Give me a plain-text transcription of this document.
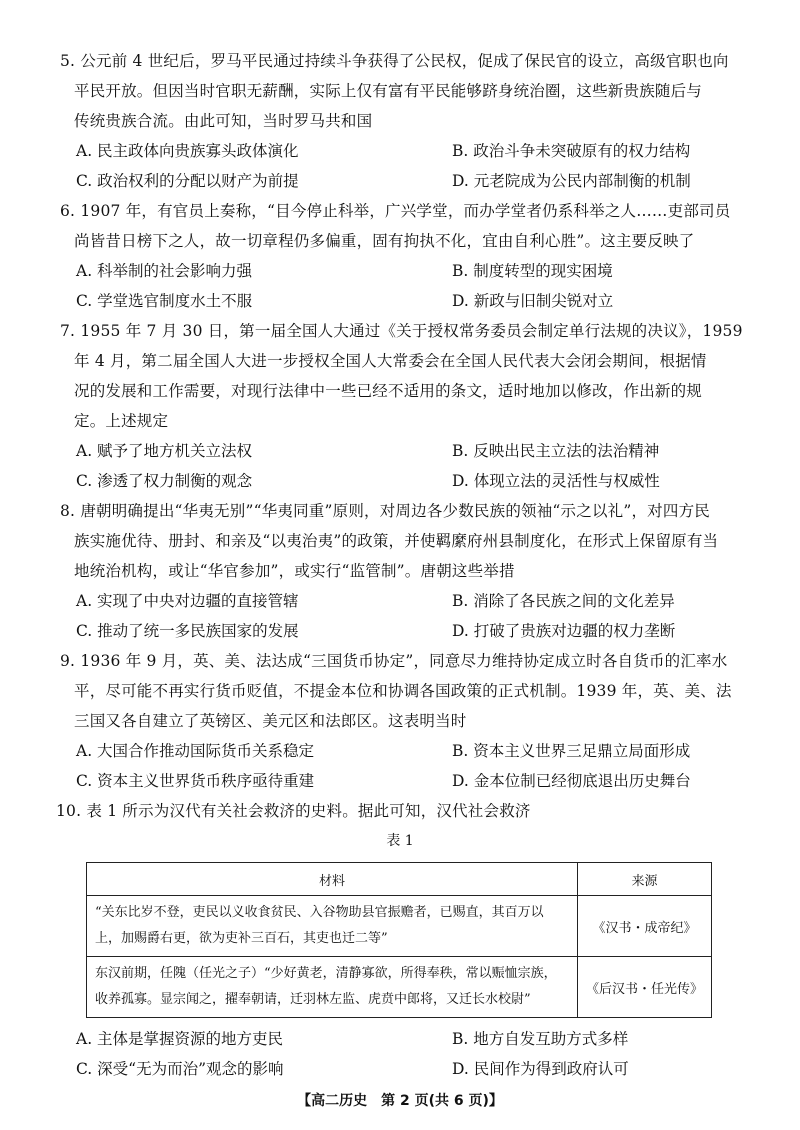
5. 公元前 4 世纪后，罗马平民通过持续斗争获得了公民权，促成了保民官的设立，高级官职也向
平民开放。但因当时官职无薪酬，实际上仅有富有平民能够跻身统治圈，这些新贵族随后与
传统贵族合流。由此可知，当时罗马共和国
A. 民主政体向贵族寡头政体演化	B. 政治斗争未突破原有的权力结构
C. 政治权利的分配以财产为前提	D. 元老院成为公民内部制衡的机制
6. 1907 年，有官员上奏称，“目今停止科举，广兴学堂，而办学堂者仍系科举之人……吏部司员
尚皆昔日榜下之人，故一切章程仍多偏重，固有拘执不化，宜由自利心胜”。这主要反映了
A. 科举制的社会影响力强	B. 制度转型的现实困境
C. 学堂选官制度水土不服	D. 新政与旧制尖锐对立
7. 1955 年 7 月 30 日，第一届全国人大通过《关于授权常务委员会制定单行法规的决议》，1959
年 4 月，第二届全国人大进一步授权全国人大常委会在全国人民代表大会闭会期间，根据情
况的发展和工作需要，对现行法律中一些已经不适用的条文，适时地加以修改，作出新的规
定。上述规定
A. 赋予了地方机关立法权	B. 反映出民主立法的法治精神
C. 渗透了权力制衡的观念	D. 体现立法的灵活性与权威性
8. 唐朝明确提出“华夷无别”“华夷同重”原则，对周边各少数民族的领袖“示之以礼”，对四方民
族实施优待、册封、和亲及“以夷治夷”的政策，并使羁縻府州县制度化，在形式上保留原有当
地统治机构，或让“华官参加”，或实行“监管制”。唐朝这些举措
A. 实现了中央对边疆的直接管辖	B. 消除了各民族之间的文化差异
C. 推动了统一多民族国家的发展	D. 打破了贵族对边疆的权力垄断
9. 1936 年 9 月，英、美、法达成“三国货币协定”，同意尽力维持协定成立时各自货币的汇率水
平，尽可能不再实行货币贬值，不提金本位和协调各国政策的正式机制。1939 年，英、美、法
三国又各自建立了英镑区、美元区和法郎区。这表明当时
A. 大国合作推动国际货币关系稳定	B. 资本主义世界三足鼎立局面形成
C. 资本主义世界货币秩序亟待重建	D. 金本位制已经彻底退出历史舞台
10. 表 1 所示为汉代有关社会救济的史料。据此可知，汉代社会救济
表 1
材料	来源
“关东比岁不登，吏民以义收食贫民、入谷物助县官振赡者，已赐直，其百万以上，加赐爵右更，欲为吏补三百石，其吏也迁二等”	《汉书・成帝纪》
东汉前期，任隗（任光之子）“少好黄老，清静寡欲，所得奉秩，常以赈恤宗族，收养孤寡。显宗闻之，擢奉朝请，迁羽林左监、虎贲中郎将，又迁长水校尉”	《后汉书・任光传》
A. 主体是掌握资源的地方吏民	B. 地方自发互助方式多样
C. 深受“无为而治”观念的影响	D. 民间作为得到政府认可
【高二历史　第 2 页(共 6 页)】
